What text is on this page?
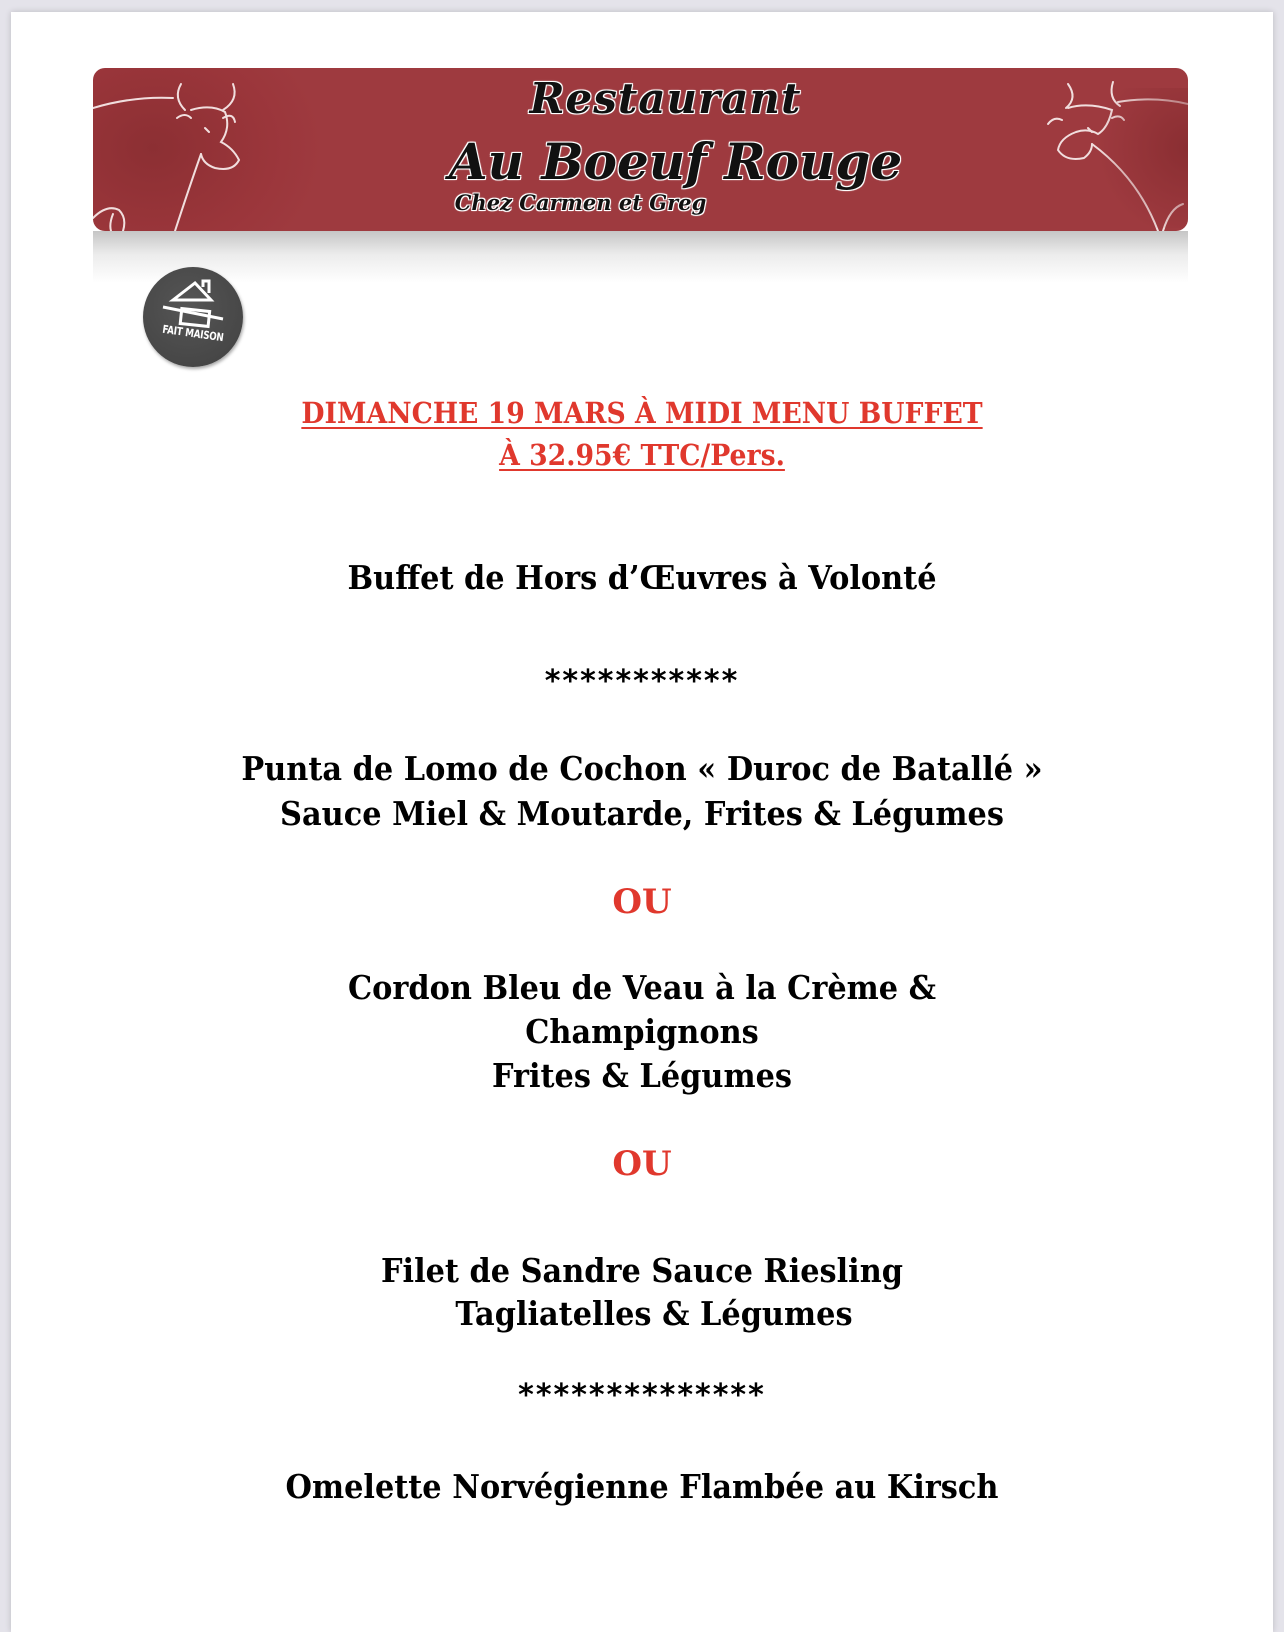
Restaurant
Au Boeuf Rouge
Chez Carmen et Greg
FAIT MAISON
DIMANCHE 19 MARS À MIDI MENU BUFFET
À 32.95€ TTC/Pers.
Buffet de Hors d’Œuvres à Volonté
***********
Punta de Lomo de Cochon « Duroc de Batallé »
Sauce Miel & Moutarde, Frites & Légumes
OU
Cordon Bleu de Veau à la Crème &
Champignons
Frites & Légumes
OU
Filet de Sandre Sauce Riesling
Tagliatelles & Légumes
**************
Omelette Norvégienne Flambée au Kirsch
